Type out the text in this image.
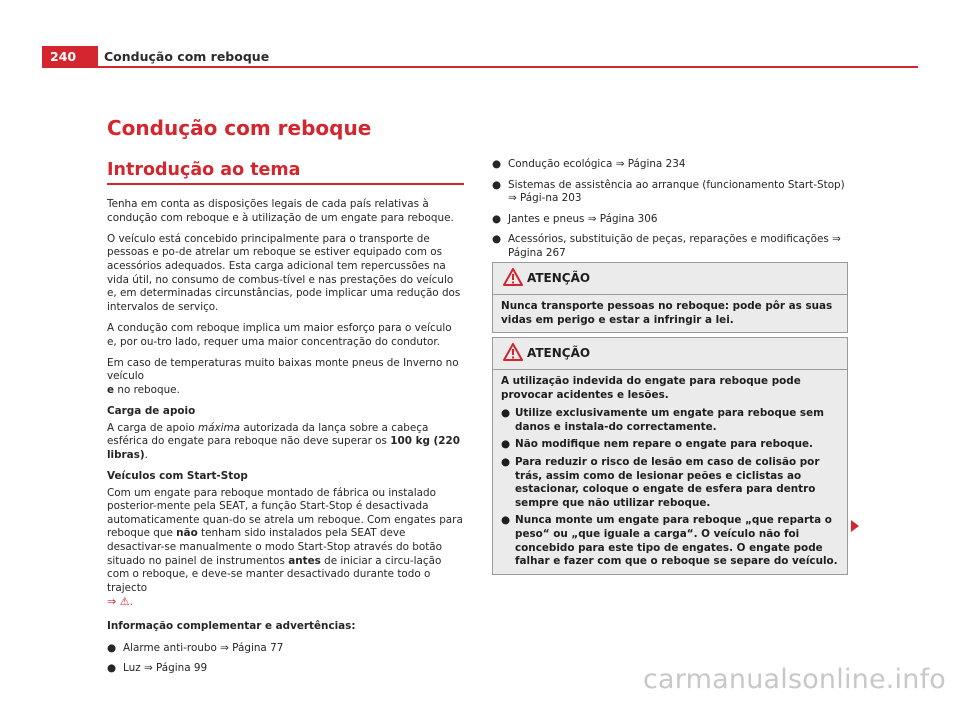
240	Condução com reboque
Condução com reboque
Introdução ao tema

Tenha em conta as disposições legais de cada país relativas à condução com reboque e à utilização de um engate para reboque.

O veículo está concebido principalmente para o transporte de pessoas e po-de atrelar um reboque se estiver equipado com os acessórios adequados. Esta carga adicional tem repercussões na vida útil, no consumo de combus-tível e nas prestações do veículo e, em determinadas circunstâncias, pode implicar uma redução dos intervalos de serviço.

A condução com reboque implica um maior esforço para o veículo e, por ou-tro lado, requer uma maior concentração do condutor.

Em caso de temperaturas muito baixas monte pneus de Inverno no veículo
e no reboque.

Carga de apoio

A carga de apoio máxima autorizada da lança sobre a cabeça esférica do engate para reboque não deve superar os 100 kg (220 libras).

Veículos com Start-Stop

Com um engate para reboque montado de fábrica ou instalado posterior-mente pela SEAT, a função Start-Stop é desactivada automaticamente quan-do se atrela um reboque. Com engates para reboque que não tenham sido instalados pela SEAT deve desactivar-se manualmente o modo Start-Stop através do botão situado no painel de instrumentos antes de iniciar a circu-lação com o reboque, e deve-se manter desactivado durante todo o trajecto
⇒ ⚠.

Informação complementar e advertências:
● Alarme anti-roubo ⇒ Página 77
● Luz ⇒ Página 99
● Condução ecológica ⇒ Página 234
● Sistemas de assistência ao arranque (funcionamento Start-Stop) ⇒ Pági-na 203
● Jantes e pneus ⇒ Página 306
● Acessórios, substituição de peças, reparações e modificações ⇒ Página 267
ATENÇÃO

Nunca transporte pessoas no reboque: pode pôr as suas vidas em perigo e estar a infringir a lei.

ATENÇÃO

A utilização indevida do engate para reboque pode provocar acidentes e lesões.

● Utilize exclusivamente um engate para reboque sem danos e instala-do correctamente.
● Não modifique nem repare o engate para reboque.
● Para reduzir o risco de lesão em caso de colisão por trás, assim como de lesionar peões e ciclistas ao estacionar, coloque o engate de esfera para dentro sempre que não utilizar reboque.
● Nunca monte um engate para reboque „que reparta o peso“ ou „que iguale a carga“. O veículo não foi concebido para este tipo de engates. O engate pode falhar e fazer com que o reboque se separe do veículo.
carmanualsonline.info
